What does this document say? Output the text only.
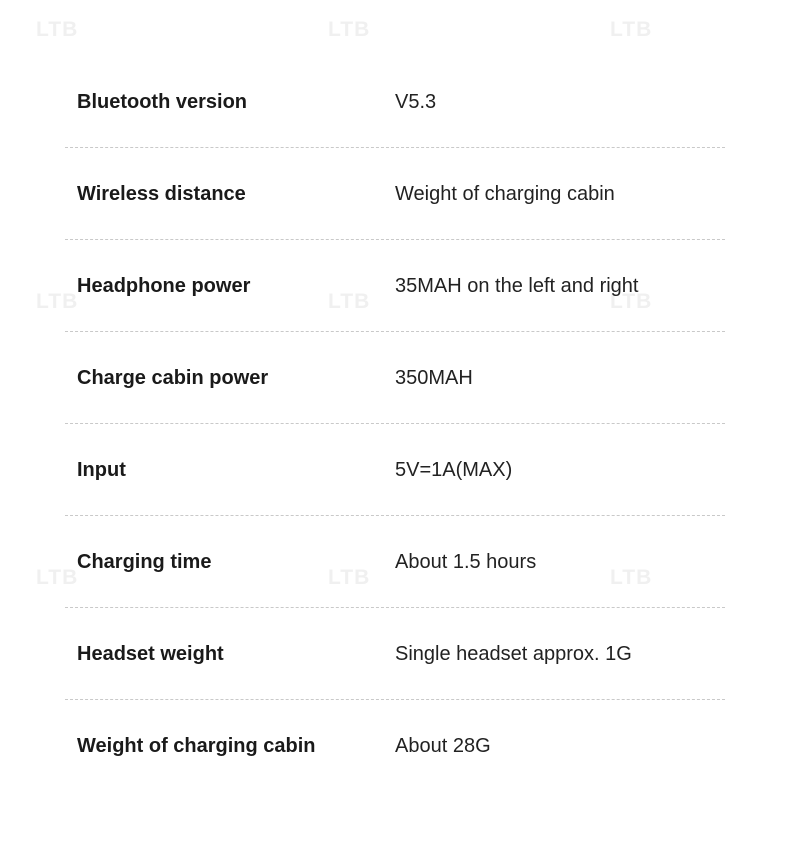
LTB	LTB	LTB
LTB	LTB	LTB
LTB	LTB	LTB
Bluetooth version	V5.3
Wireless distance	Weight of charging cabin
Headphone power	35MAH on the left and right
Charge cabin power	350MAH
Input	5V=1A(MAX)
Charging time	About 1.5 hours
Headset weight	Single headset approx. 1G
Weight of charging cabin	About 28G
